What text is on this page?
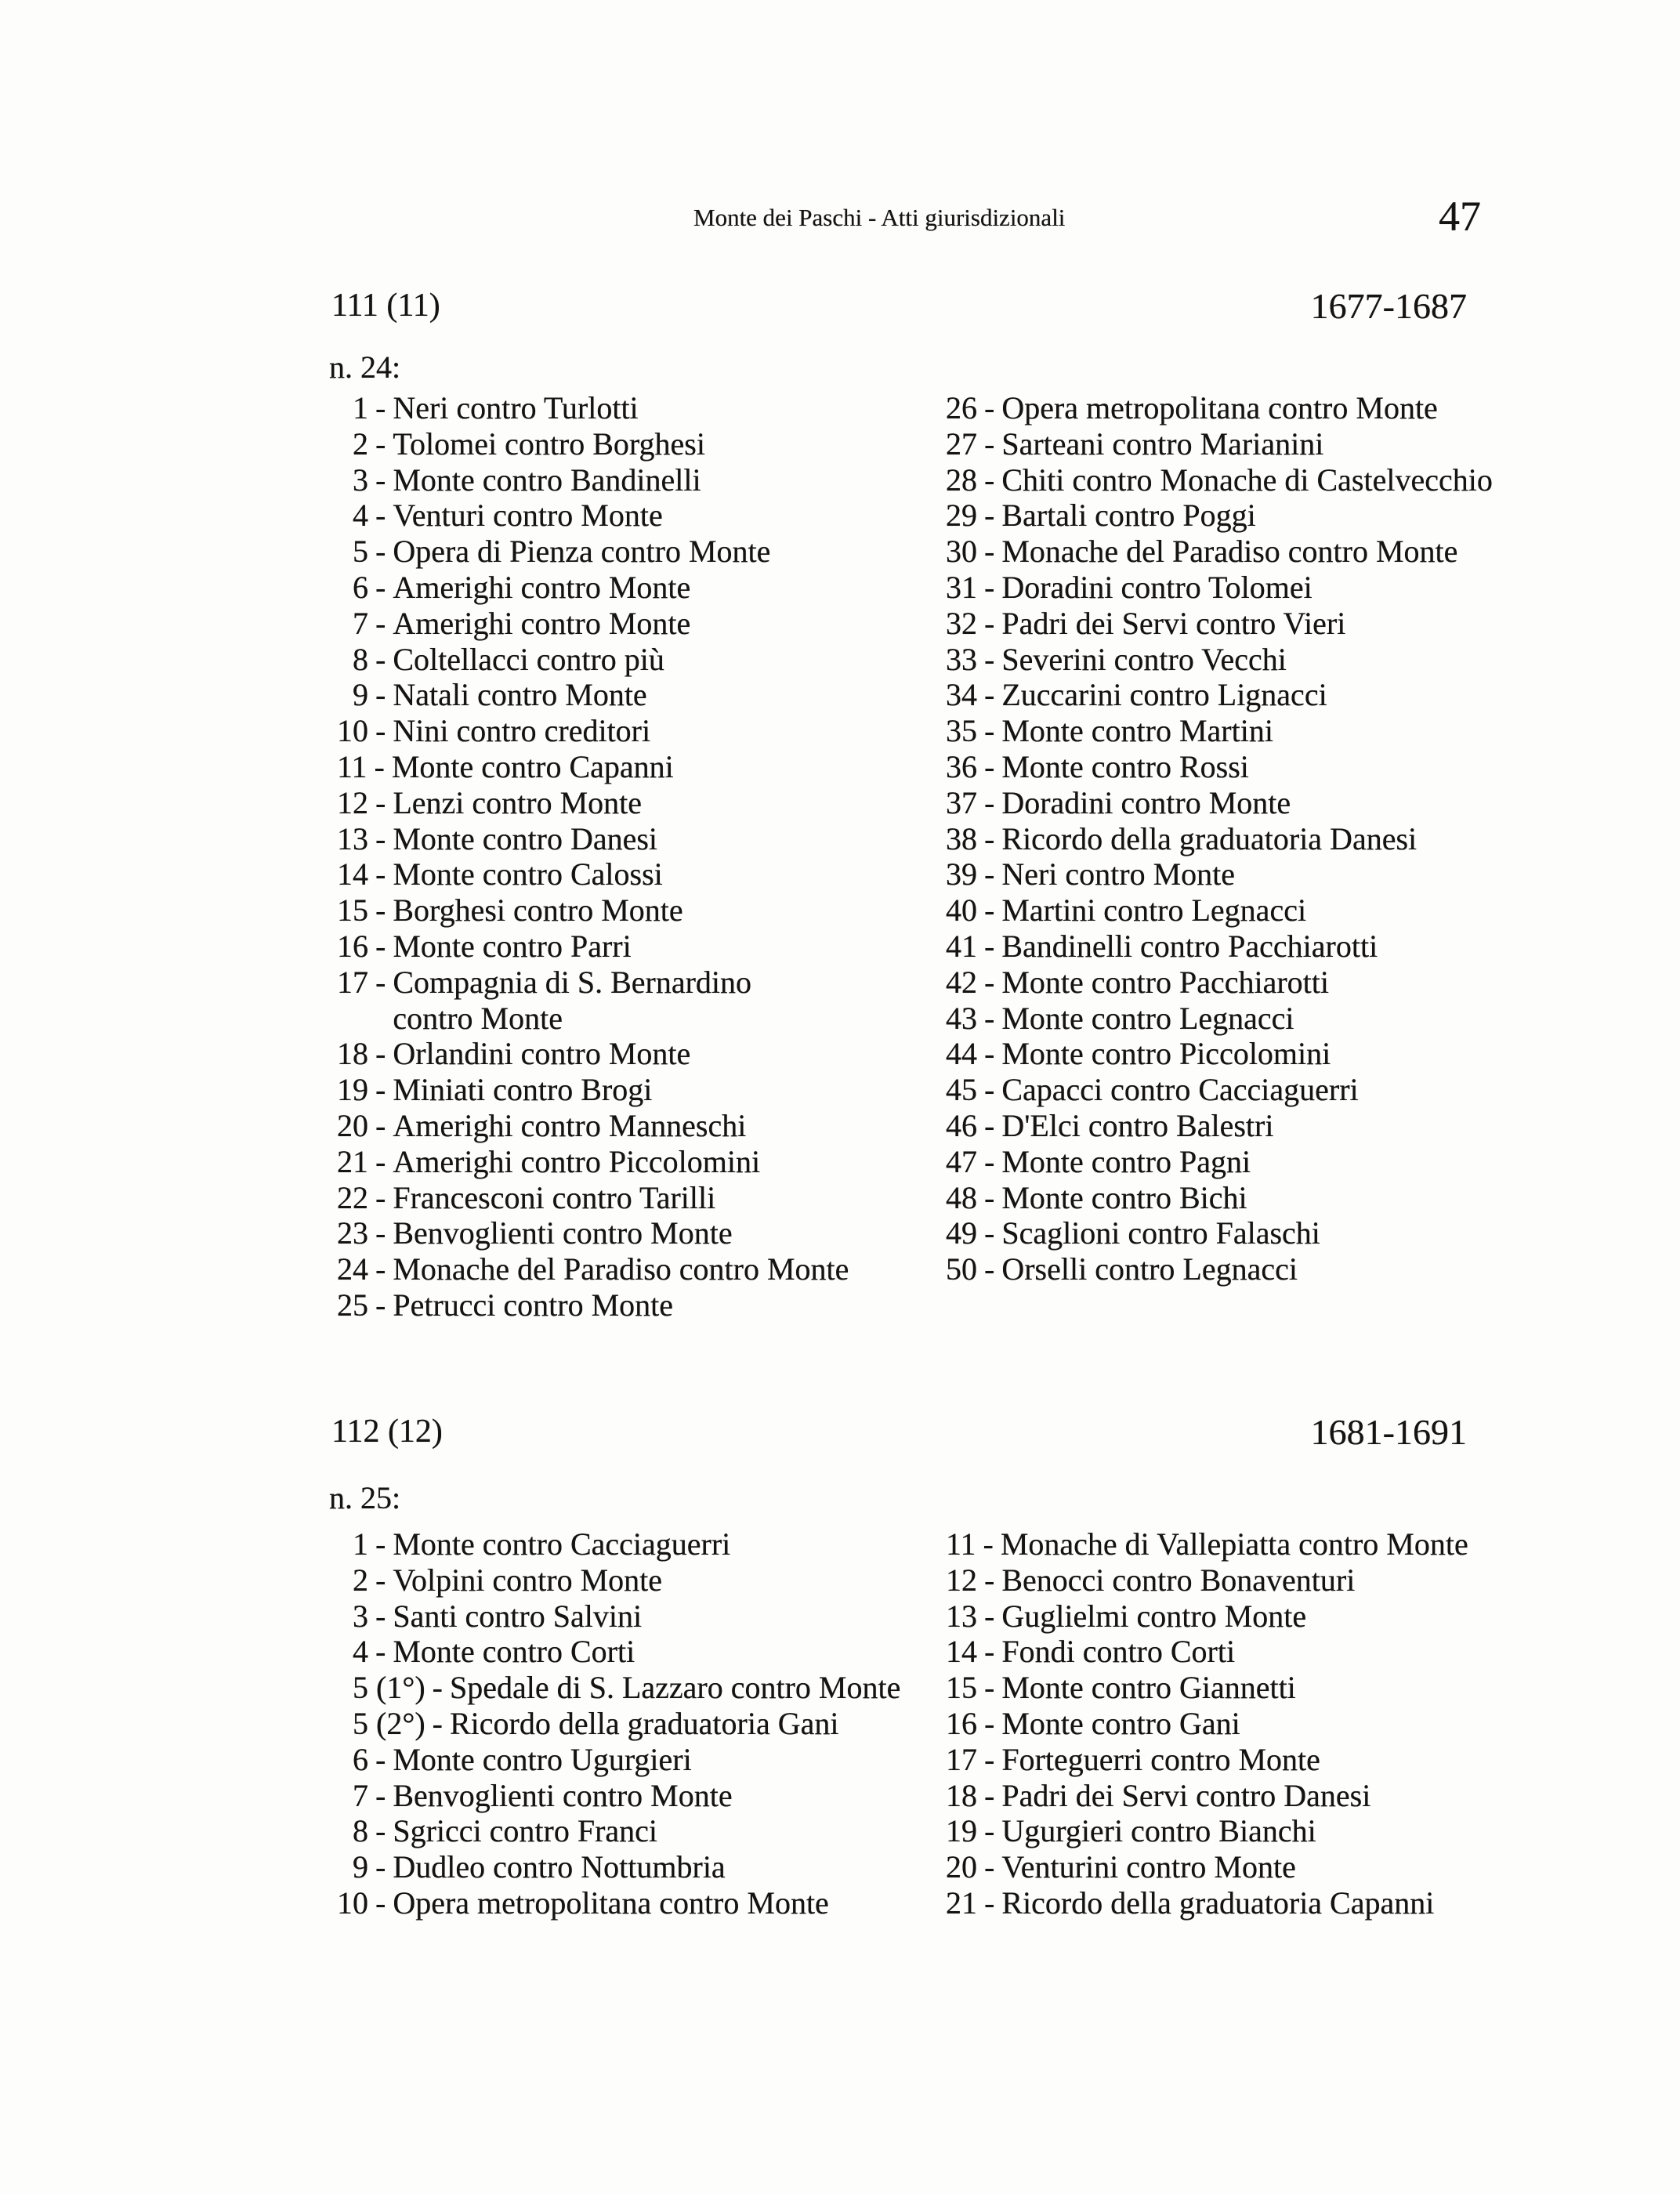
Monte dei Paschi - Atti giurisdizionali	47
111 (11)	1677-1687
n. 24:
1 - Neri contro Turlotti
2 - Tolomei contro Borghesi
3 - Monte contro Bandinelli
4 - Venturi contro Monte
5 - Opera di Pienza contro Monte
6 - Amerighi contro Monte
7 - Amerighi contro Monte
8 - Coltellacci contro più
9 - Natali contro Monte
10 - Nini contro creditori
11 - Monte contro Capanni
12 - Lenzi contro Monte
13 - Monte contro Danesi
14 - Monte contro Calossi
15 - Borghesi contro Monte
16 - Monte contro Parri
17 - Compagnia di S. Bernardino
contro Monte
18 - Orlandini contro Monte
19 - Miniati contro Brogi
20 - Amerighi contro Manneschi
21 - Amerighi contro Piccolomini
22 - Francesconi contro Tarilli
23 - Benvoglienti contro Monte
24 - Monache del Paradiso contro Monte
25 - Petrucci contro Monte
26 - Opera metropolitana contro Monte
27 - Sarteani contro Marianini
28 - Chiti contro Monache di Castelvecchio
29 - Bartali contro Poggi
30 - Monache del Paradiso contro Monte
31 - Doradini contro Tolomei
32 - Padri dei Servi contro Vieri
33 - Severini contro Vecchi
34 - Zuccarini contro Lignacci
35 - Monte contro Martini
36 - Monte contro Rossi
37 - Doradini contro Monte
38 - Ricordo della graduatoria Danesi
39 - Neri contro Monte
40 - Martini contro Legnacci
41 - Bandinelli contro Pacchiarotti
42 - Monte contro Pacchiarotti
43 - Monte contro Legnacci
44 - Monte contro Piccolomini
45 - Capacci contro Cacciaguerri
46 - D'Elci contro Balestri
47 - Monte contro Pagni
48 - Monte contro Bichi
49 - Scaglioni contro Falaschi
50 - Orselli contro Legnacci
112 (12)	1681-1691
n. 25:
1 - Monte contro Cacciaguerri
2 - Volpini contro Monte
3 - Santi contro Salvini
4 - Monte contro Corti
5 (1°) - Spedale di S. Lazzaro contro Monte
5 (2°) - Ricordo della graduatoria Gani
6 - Monte contro Ugurgieri
7 - Benvoglienti contro Monte
8 - Sgricci contro Franci
9 - Dudleo contro Nottumbria
10 - Opera metropolitana contro Monte
11 - Monache di Vallepiatta contro Monte
12 - Benocci contro Bonaventuri
13 - Guglielmi contro Monte
14 - Fondi contro Corti
15 - Monte contro Giannetti
16 - Monte contro Gani
17 - Forteguerri contro Monte
18 - Padri dei Servi contro Danesi
19 - Ugurgieri contro Bianchi
20 - Venturini contro Monte
21 - Ricordo della graduatoria Capanni
